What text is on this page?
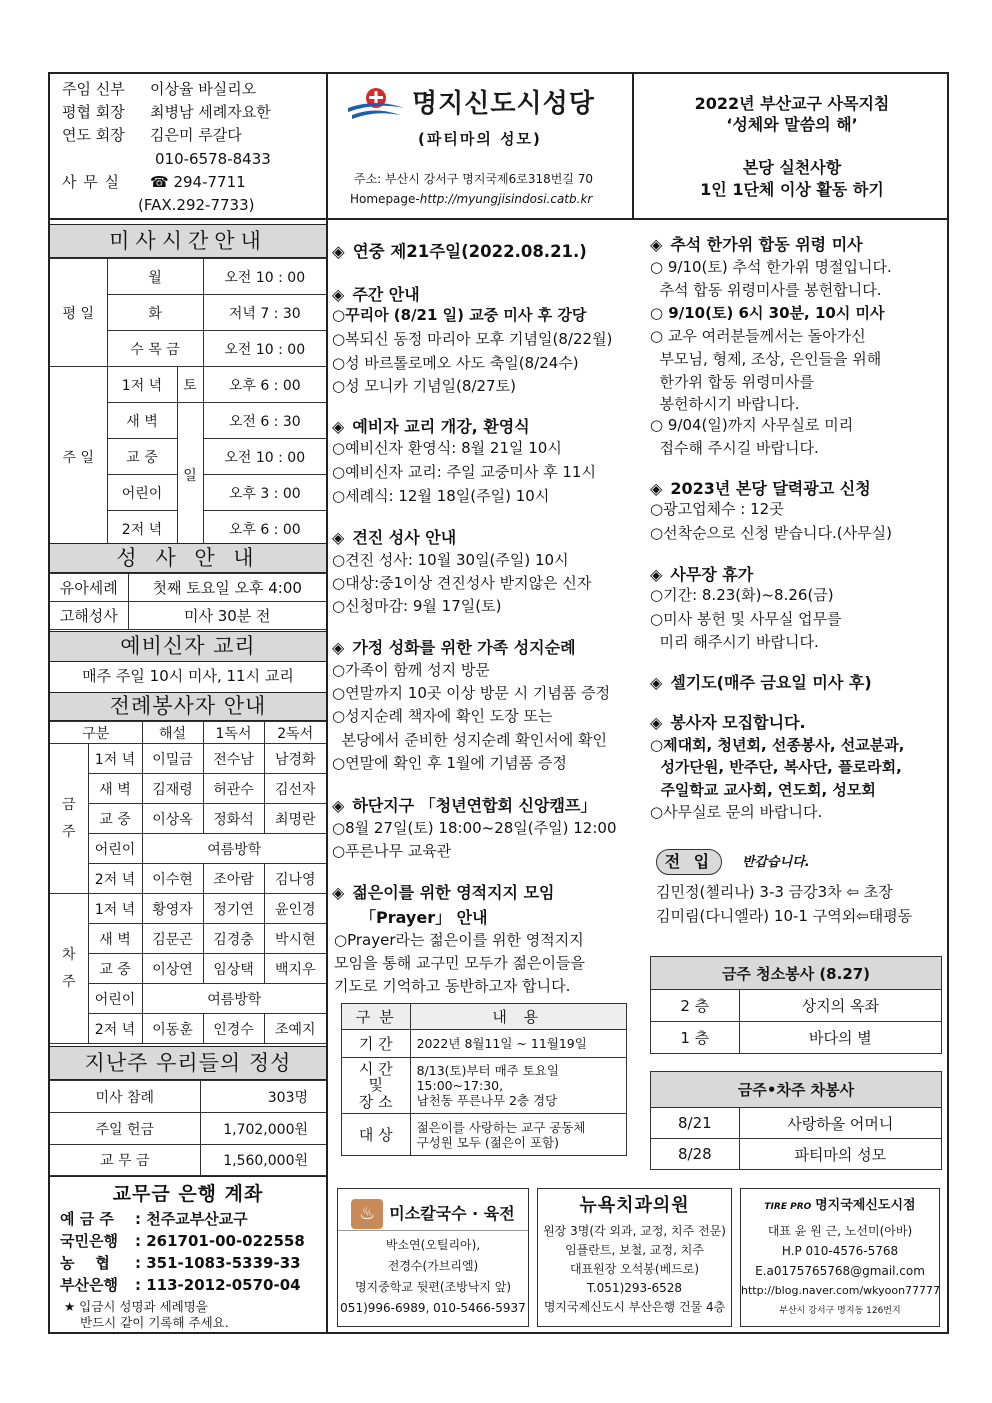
주임 신부 이상율 바실리오
평협 회장 최병남 세례자요한
연도 회장 김은미 루갈다
010-6578-8433
사 무 실 ☎ 294-7711
(FAX.292-7733)
명지신도시성당
(파티마의 성모)
주소: 부산시 강서구 명지국제6로318번길 70
Homepage-http://myungjisindosi.catb.kr
2022년 부산교구 사목지침
‘성체와 말씀의 해’
본당 실천사항
1인 1단체 이상 활동 하기
미사시간안내
평 일	월		오전 10 : 00
	화		저녁 7 : 30
	수 목 금		오전 10 : 00
주 일	1저 녁	토	오후 6 : 00
	새 벽	일	오전 6 : 30
	교 중		오전 10 : 00
	어린이		오후 3 : 00
	2저 녁		오후 6 : 00
성 사 안 내
유아세례	첫째 토요일 오후 4:00
고해성사	미사 30분 전
예비신자 교리
매주 주일 10시 미사, 11시 교리
전례봉사자 안내
구분		해설	1독서	2독서
금 주	1저 녁	이밀금	전수남	남경화
	새 벽	김재령	허관수	김선자
	교 중	이상옥	정화석	최명란
	어린이	여름방학		
	2저 녁	이수현	조아람	김나영
차 주	1저 녁	황영자	정기연	윤인경
	새 벽	김문곤	김경충	박시현
	교 중	이상연	임상택	백지우
	어린이	여름방학		
	2저 녁	이동훈	인경수	조예지
지난주 우리들의 정성
미사 참례	303명
주일 헌금	1,702,000원
교 무 금	1,560,000원
교무금 은행 계좌
예 금 주 : 천주교부산교구
국민은행 : 261701-00-022558
농    협 : 351-1083-5339-33
부산은행 : 113-2012-0570-04
★ 입금시 성명과 세례명을
반드시 같이 기록해 주세요.
◈ 연중 제21주일(2022.08.21.)
◈ 주간 안내
○꾸리아 (8/21 일) 교중 미사 후 강당
○복되신 동정 마리아 모후 기념일(8/22월)
○성 바르톨로메오 사도 축일(8/24수)
○성 모니카 기념일(8/27토)
◈ 예비자 교리 개강, 환영식
○예비신자 환영식: 8월 21일 10시
○예비신자 교리: 주일 교중미사 후 11시
○세례식: 12월 18일(주일) 10시
◈ 견진 성사 안내
○견진 성사: 10월 30일(주일) 10시
○대상:중1이상 견진성사 받지않은 신자
○신청마감: 9월 17일(토)
◈ 가정 성화를 위한 가족 성지순례
○가족이 함께 성지 방문
○연말까지 10곳 이상 방문 시 기념품 증정
○성지순례 책자에 확인 도장 또는
본당에서 준비한 성지순례 확인서에 확인
○연말에 확인 후 1월에 기념품 증정
◈ 하단지구 「청년연합회 신앙캠프」
○8월 27일(토) 18:00~28일(주일) 12:00
○푸른나무 교육관
◈ 젊은이를 위한 영적지지 모임
「Prayer」 안내
○Prayer라는 젊은이를 위한 영적지지
모임을 통해 교구민 모두가 젊은이들을
기도로 기억하고 동반하고자 합니다.
구 분	내 용
기 간	2022년 8월11일 ~ 11월19일
시 간
및
장 소	8/13(토)부터 매주 토요일
15:00~17:30,
남천동 푸른나무 2층 경당
대 상	젊은이를 사랑하는 교구 공동체
구성원 모두 (젊은이 포함)
◈ 추석 한가위 합동 위령 미사
○ 9/10(토) 추석 한가위 명절입니다.
추석 합동 위령미사를 봉헌합니다.
○ 9/10(토) 6시 30분, 10시 미사
○ 교우 여러분들께서는 돌아가신
부모님, 형제, 조상, 은인들을 위해
한가위 합동 위령미사를
봉헌하시기 바랍니다.
○ 9/04(일)까지 사무실로 미리
접수해 주시길 바랍니다.
◈ 2023년 본당 달력광고 신청
○광고업체수 : 12곳
○선착순으로 신청 받습니다.(사무실)
◈ 사무장 휴가
○기간: 8.23(화)~8.26(금)
○미사 봉헌 및 사무실 업무를
미리 해주시기 바랍니다.
◈ 셀기도(매주 금요일 미사 후)
◈ 봉사자 모집합니다.
○제대회, 청년회, 선종봉사, 선교분과,
성가단원, 반주단, 복사단, 플로라회,
주일학교 교사회, 연도회, 성모회
○사무실로 문의 바랍니다.
전 입	반갑습니다.
김민정(첼리나) 3-3 금강3차 ⇦ 초장
김미림(다니엘라) 10-1 구역외⇦태평동
금주 청소봉사 (8.27)	
2 층	상지의 옥좌
1 층	바다의 별
금주•차주 차봉사	
8/21	사랑하올 어머니
8/28	파티마의 성모
♨ 미소칼국수 · 육전
박소연(오틸리아),
전경수(가브리엘)
명지중학교 뒷편(조방낙지 앞)
051)996-6989, 010-5466-5937
뉴욕치과의원
원장 3명(각 외과, 교정, 치주 전문)
임플란트, 보철, 교정, 치주
대표원장 오석봉(베드로)
T.051)293-6528
명지국제신도시 부산은행 건물 4층
TIRE PRO 명지국제신도시점
대표 윤 원 근, 노선미(아바)
H.P 010-4576-5768
E.a0175765768@gmail.com
http://blog.naver.com/wkyoon77777
부산시 강서구 명지동 126번지
